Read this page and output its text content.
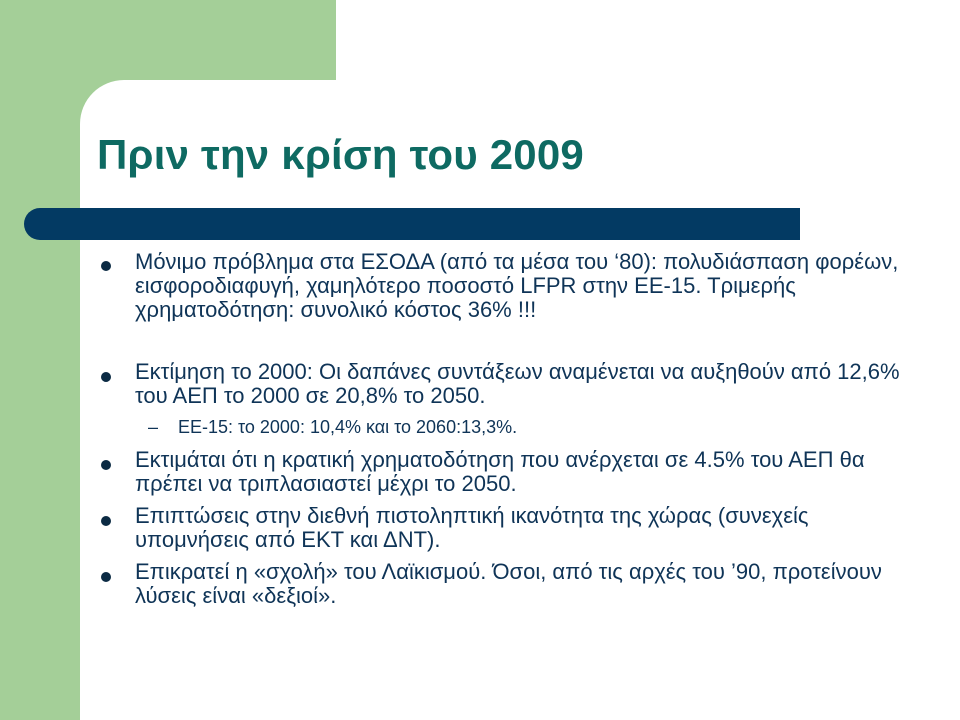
Πριν την κρίση του 2009

Μόνιμο πρόβλημα στα ΕΣΟΔΑ (από τα μέσα του ‘80): πολυδιάσπαση φορέων, εισφοροδιαφυγή, χαμηλότερο ποσοστό LFPR στην ΕΕ-15. Τριμερής χρηματοδότηση: συνολικό κόστος 36% !!!

Εκτίμηση το 2000: Οι δαπάνες συντάξεων αναμένεται να αυξηθούν από 12,6% του ΑΕΠ το 2000 σε 20,8% το 2050.

– ΕΕ-15: το 2000: 10,4% και το 2060:13,3%.

Εκτιμάται ότι η κρατική χρηματοδότηση που ανέρχεται σε 4.5% του ΑΕΠ θα πρέπει να τριπλασιαστεί μέχρι το 2050.

Επιπτώσεις στην διεθνή πιστοληπτική ικανότητα της χώρας (συνεχείς υπομνήσεις από ΕΚΤ και ΔΝΤ).

Επικρατεί η «σχολή» του Λαϊκισμού. Όσοι, από τις αρχές του ’90, προτείνουν λύσεις είναι «δεξιοί».
